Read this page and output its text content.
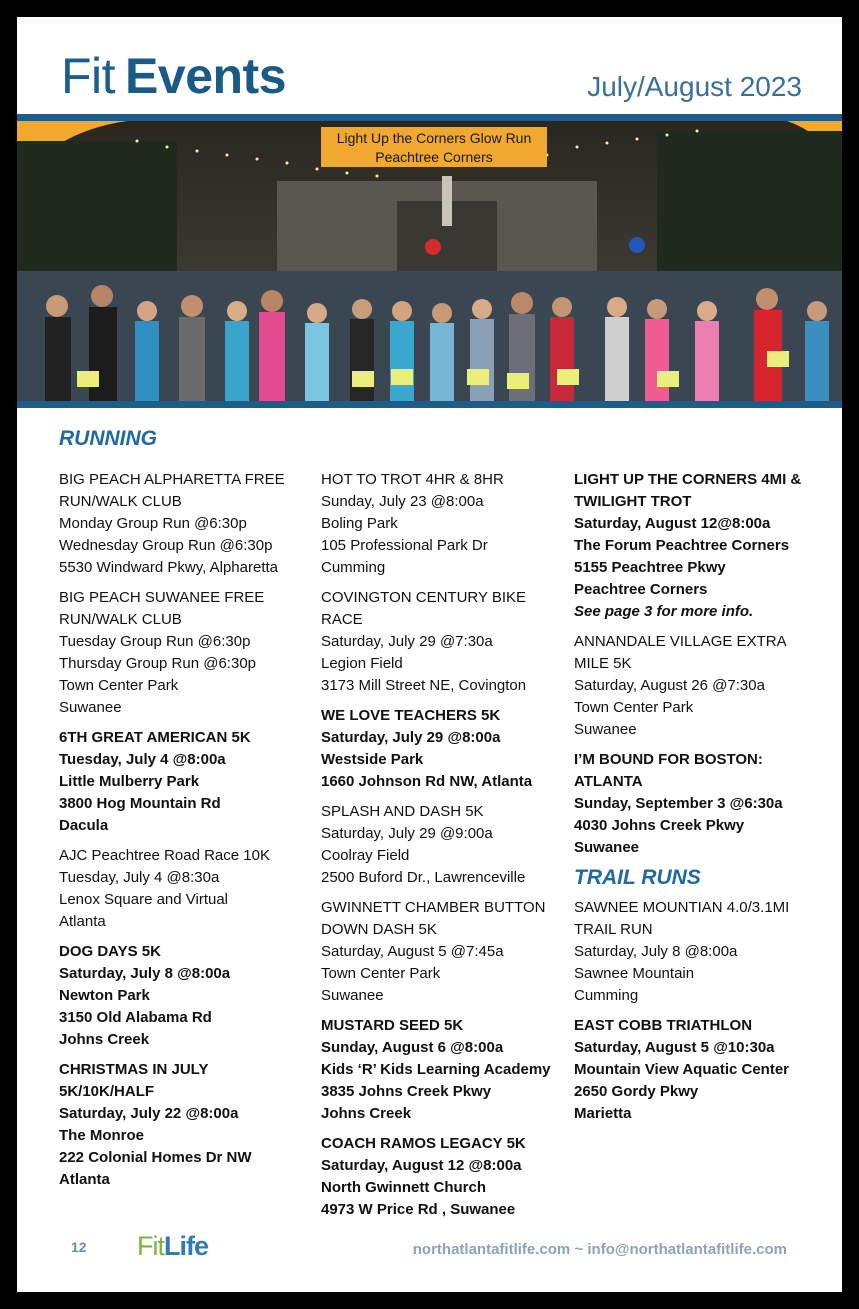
Fit Events	July/August 2023
Light Up the Corners Glow Run
Peachtree Corners
RUNNING
BIG PEACH ALPHARETTA FREE
RUN/WALK CLUB
Monday Group Run @6:30p
Wednesday Group Run @6:30p
5530 Windward Pkwy, Alpharetta
BIG PEACH SUWANEE FREE
RUN/WALK CLUB
Tuesday Group Run @6:30p
Thursday Group Run @6:30p
Town Center Park
Suwanee
6TH GREAT AMERICAN 5K
Tuesday, July 4 @8:00a
Little Mulberry Park
3800 Hog Mountain Rd
Dacula
AJC Peachtree Road Race 10K
Tuesday, July 4 @8:30a
Lenox Square and Virtual
Atlanta
DOG DAYS 5K
Saturday, July 8 @8:00a
Newton Park
3150 Old Alabama Rd
Johns Creek
CHRISTMAS IN JULY
5K/10K/HALF
Saturday, July 22 @8:00a
The Monroe
222 Colonial Homes Dr NW
Atlanta
HOT TO TROT 4HR & 8HR
Sunday, July 23 @8:00a
Boling Park
105 Professional Park Dr
Cumming
COVINGTON CENTURY BIKE
RACE
Saturday, July 29 @7:30a
Legion Field
3173 Mill Street NE, Covington
WE LOVE TEACHERS 5K
Saturday, July 29 @8:00a
Westside Park
1660 Johnson Rd NW, Atlanta
SPLASH AND DASH 5K
Saturday, July 29 @9:00a
Coolray Field
2500 Buford Dr., Lawrenceville
GWINNETT CHAMBER BUTTON
DOWN DASH 5K
Saturday, August 5 @7:45a
Town Center Park
Suwanee
MUSTARD SEED 5K
Sunday, August 6 @8:00a
Kids ‘R’ Kids Learning Academy
3835 Johns Creek Pkwy
Johns Creek
COACH RAMOS LEGACY 5K
Saturday, August 12 @8:00a
North Gwinnett Church
4973 W Price Rd , Suwanee
LIGHT UP THE CORNERS 4MI &
TWILIGHT TROT
Saturday, August 12@8:00a
The Forum Peachtree Corners
5155 Peachtree Pkwy
Peachtree Corners
See page 3 for more info.
ANNANDALE VILLAGE EXTRA
MILE 5K
Saturday, August 26 @7:30a
Town Center Park
Suwanee
I’M BOUND FOR BOSTON:
ATLANTA
Sunday, September 3 @6:30a
4030 Johns Creek Pkwy
Suwanee
TRAIL RUNS
SAWNEE MOUNTIAN 4.0/3.1MI
TRAIL RUN
Saturday, July 8 @8:00a
Sawnee Mountain
Cumming
EAST COBB TRIATHLON
Saturday, August 5 @10:30a
Mountain View Aquatic Center
2650 Gordy Pkwy
Marietta
12 FitLife	northatlantafitlife.com ~ info@northatlantafitlife.com
